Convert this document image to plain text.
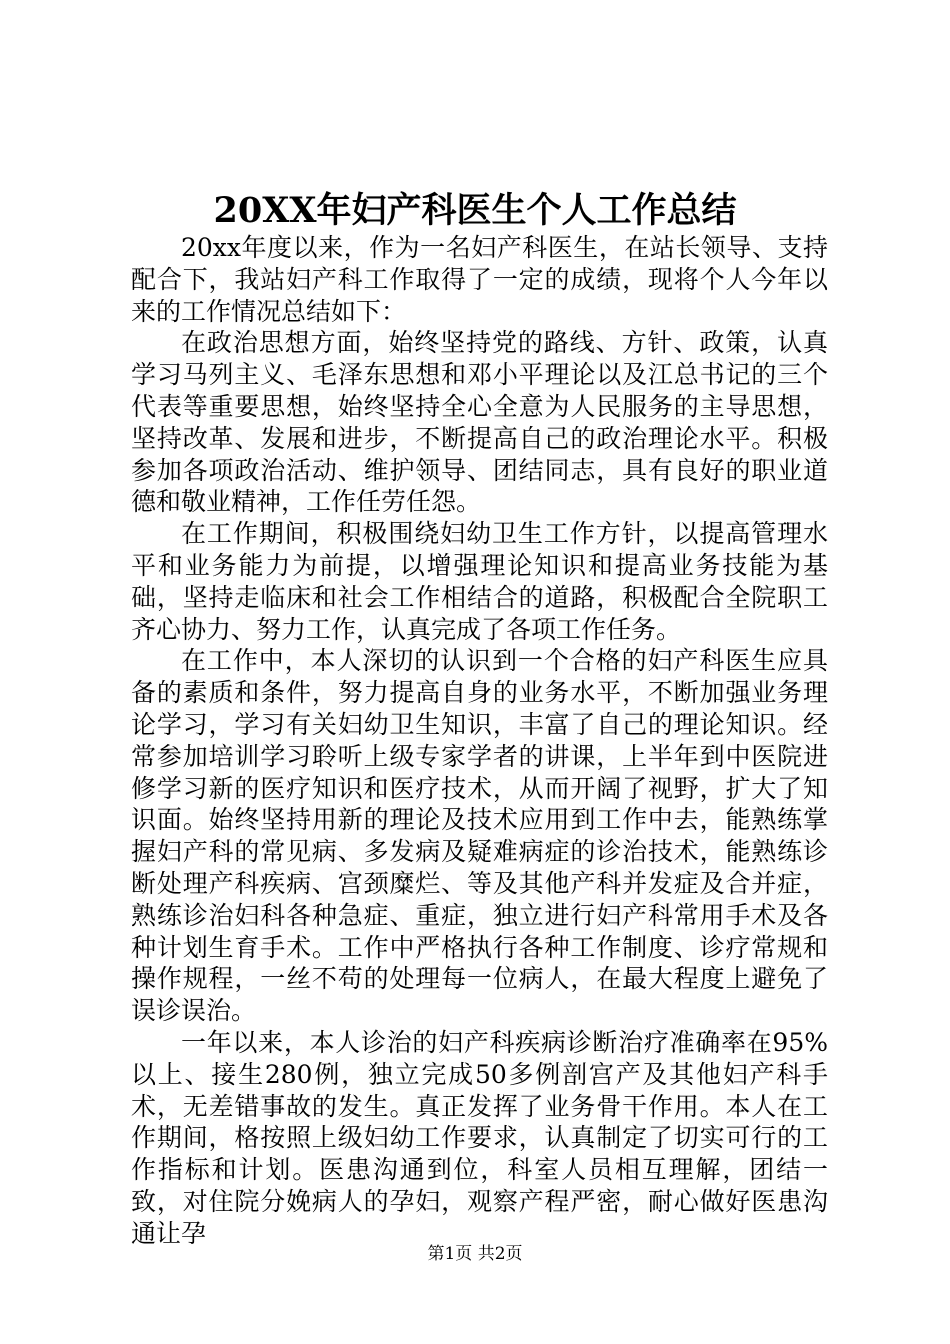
20XX年妇产科医生个人工作总结

20xx年度以来，作为一名妇产科医生，在站长领导、支持配合下，我站妇产科工作取得了一定的成绩，现将个人今年以来的工作情况总结如下：

在政治思想方面，始终坚持党的路线、方针、政策，认真学习马列主义、毛泽东思想和邓小平理论以及江总书记的三个代表等重要思想，始终坚持全心全意为人民服务的主导思想，坚持改革、发展和进步，不断提高自己的政治理论水平。积极参加各项政治活动、维护领导、团结同志，具有良好的职业道德和敬业精神，工作任劳任怨。

在工作期间，积极围绕妇幼卫生工作方针，以提高管理水平和业务能力为前提，以增强理论知识和提高业务技能为基础，坚持走临床和社会工作相结合的道路，积极配合全院职工齐心协力、努力工作，认真完成了各项工作任务。

在工作中，本人深切的认识到一个合格的妇产科医生应具备的素质和条件，努力提高自身的业务水平，不断加强业务理论学习，学习有关妇幼卫生知识，丰富了自己的理论知识。经常参加培训学习聆听上级专家学者的讲课，上半年到中医院进修学习新的医疗知识和医疗技术，从而开阔了视野，扩大了知识面。始终坚持用新的理论及技术应用到工作中去，能熟练掌握妇产科的常见病、多发病及疑难病症的诊治技术，能熟练诊断处理产科疾病、宫颈糜烂、等及其他产科并发症及合并症，熟练诊治妇科各种急症、重症，独立进行妇产科常用手术及各种计划生育手术。工作中严格执行各种工作制度、诊疗常规和操作规程，一丝不苟的处理每一位病人，在最大程度上避免了误诊误治。

一年以来，本人诊治的妇产科疾病诊断治疗准确率在95%以上、接生280例，独立完成50多例剖宫产及其他妇产科手术，无差错事故的发生。真正发挥了业务骨干作用。本人在工作期间，格按照上级妇幼工作要求，认真制定了切实可行的工作指标和计划。医患沟通到位，科室人员相互理解，团结一致，对住院分娩病人的孕妇，观察产程严密，耐心做好医患沟通让孕

第1页 共2页
